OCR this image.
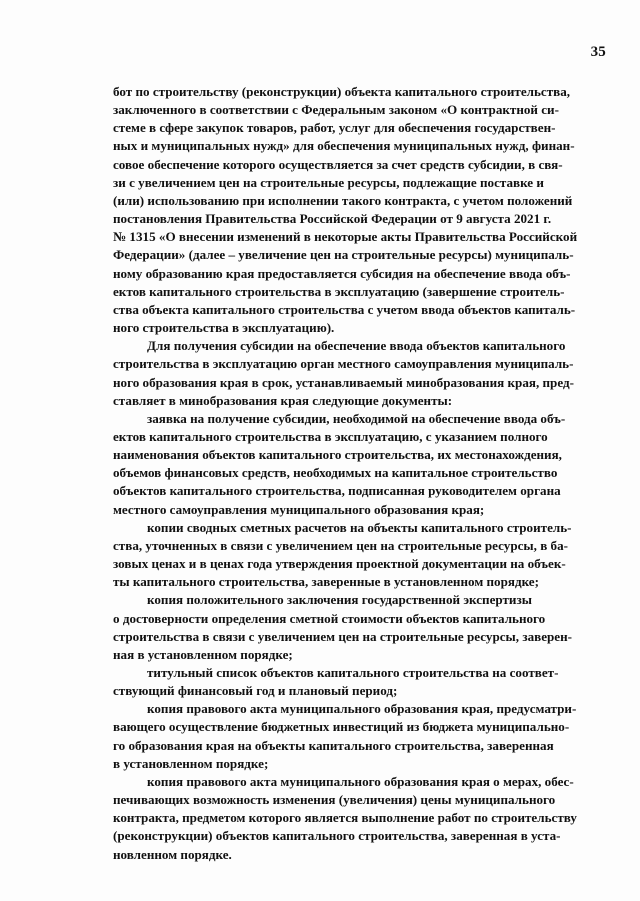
35

бот по строительству (реконструкции) объекта капитального строительства,
заключенного в соответствии с Федеральным законом «О контрактной си-
стеме в сфере закупок товаров, работ, услуг для обеспечения государствен-
ных и муниципальных нужд» для обеспечения муниципальных нужд, финан-
совое обеспечение которого осуществляется за счет средств субсидии, в свя-
зи с увеличением цен на строительные ресурсы, подлежащие поставке и
(или) использованию при исполнении такого контракта, с учетом положений
постановления Правительства Российской Федерации от 9 августа 2021 г.
№ 1315 «О внесении изменений в некоторые акты Правительства Российской
Федерации» (далее – увеличение цен на строительные ресурсы) муниципаль-
ному образованию края предоставляется субсидия на обеспечение ввода объ-
ектов капитального строительства в эксплуатацию (завершение строитель-
ства объекта капитального строительства с учетом ввода объектов капиталь-
ного строительства в эксплуатацию).

Для получения субсидии на обеспечение ввода объектов капитального
строительства в эксплуатацию орган местного самоуправления муниципаль-
ного образования края в срок, устанавливаемый минобразования края, пред-
ставляет в минобразования края следующие документы:

заявка на получение субсидии, необходимой на обеспечение ввода объ-
ектов капитального строительства в эксплуатацию, с указанием полного
наименования объектов капитального строительства, их местонахождения,
объемов финансовых средств, необходимых на капитальное строительство
объектов капитального строительства, подписанная руководителем органа
местного самоуправления муниципального образования края;

копии сводных сметных расчетов на объекты капитального строитель-
ства, уточненных в связи с увеличением цен на строительные ресурсы, в ба-
зовых ценах и в ценах года утверждения проектной документации на объек-
ты капитального строительства, заверенные в установленном порядке;

копия положительного заключения государственной экспертизы
о достоверности определения сметной стоимости объектов капитального
строительства в связи с увеличением цен на строительные ресурсы, заверен-
ная в установленном порядке;

титульный список объектов капитального строительства на соответ-
ствующий финансовый год и плановый период;

копия правового акта муниципального образования края, предусматри-
вающего осуществление бюджетных инвестиций из бюджета муниципально-
го образования края на объекты капитального строительства, заверенная
в установленном порядке;

копия правового акта муниципального образования края о мерах, обес-
печивающих возможность изменения (увеличения) цены муниципального
контракта, предметом которого является выполнение работ по строительству
(реконструкции) объектов капитального строительства, заверенная в уста-
новленном порядке.
